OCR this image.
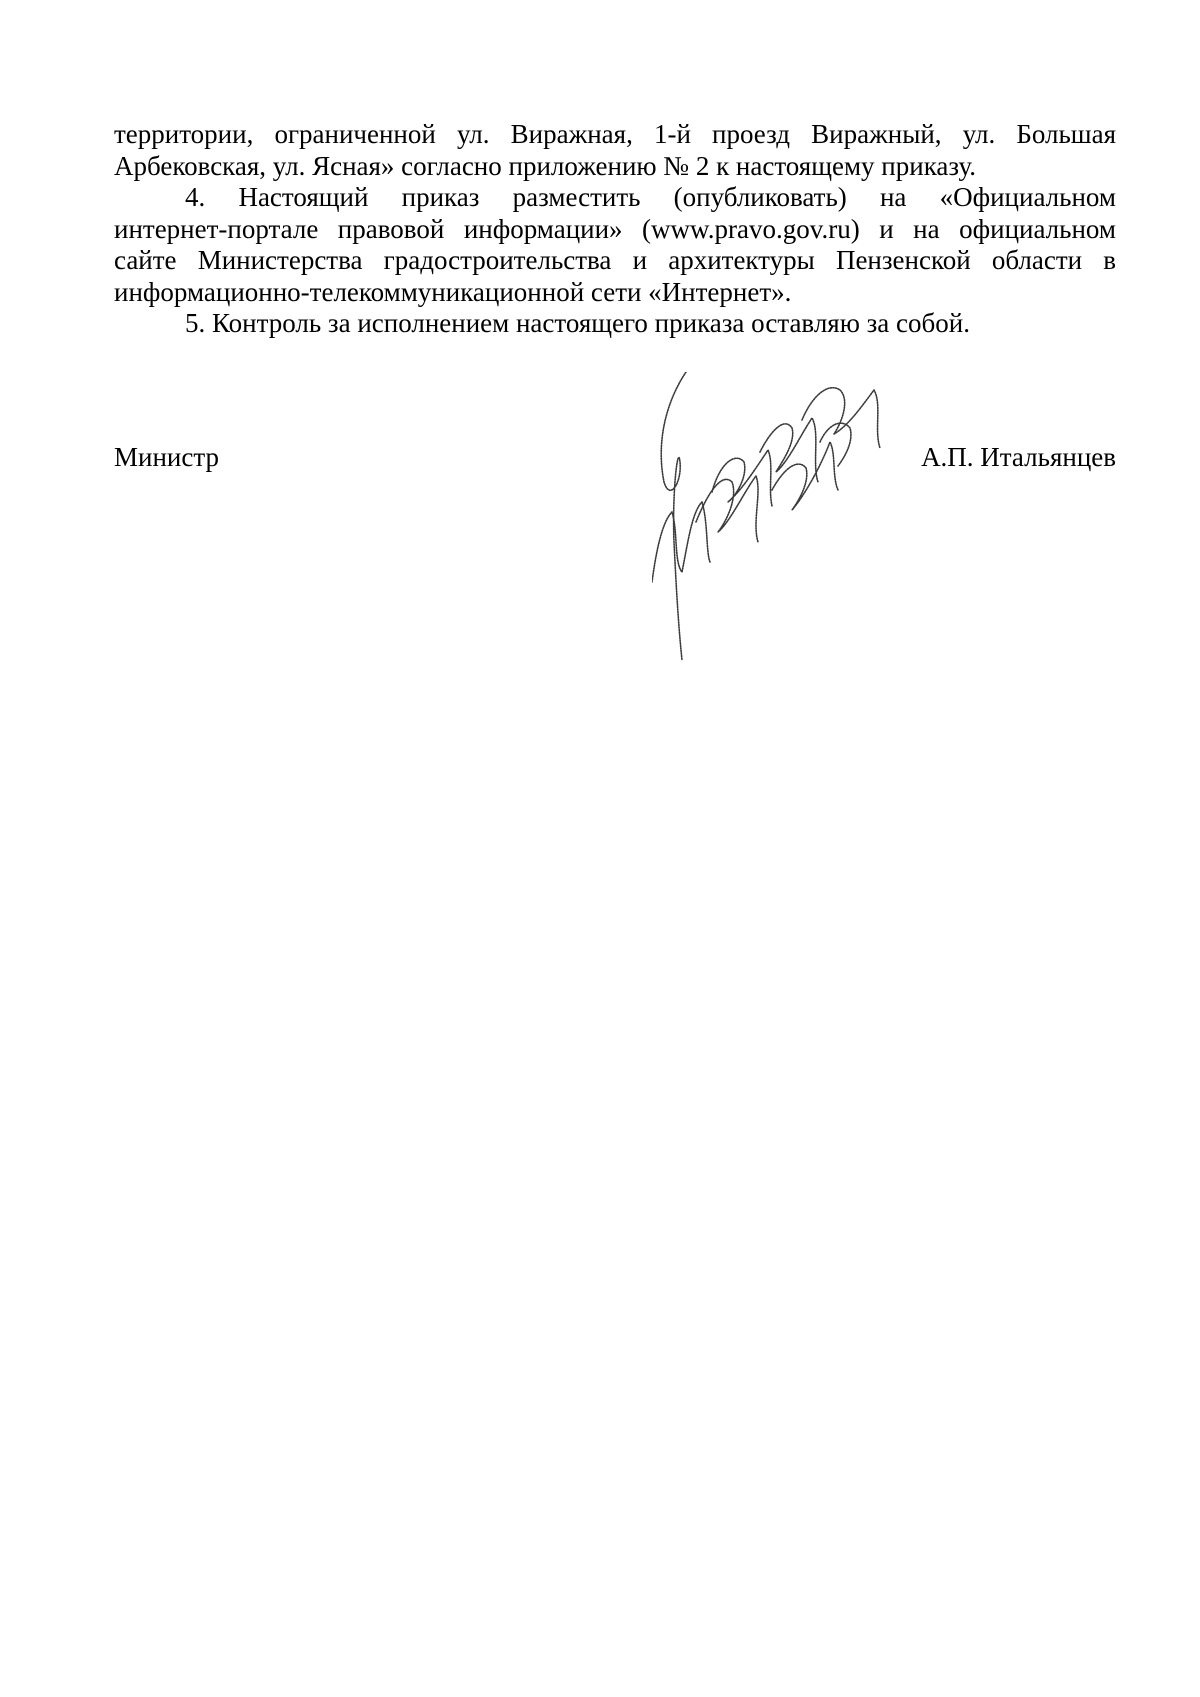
территории, ограниченной ул. Виражная, 1-й проезд Виражный, ул. Большая

Арбековская, ул. Ясная» согласно приложению № 2 к настоящему приказу.

4. Настоящий приказ разместить (опубликовать) на «Официальном

интернет-портале правовой информации» (www.pravo.gov.ru) и на официальном

сайте Министерства градостроительства и архитектуры Пензенской области в

информационно-телекоммуникационной сети «Интернет».

5. Контроль за исполнением настоящего приказа оставляю за собой.

Министр	А.П. Итальянцев
